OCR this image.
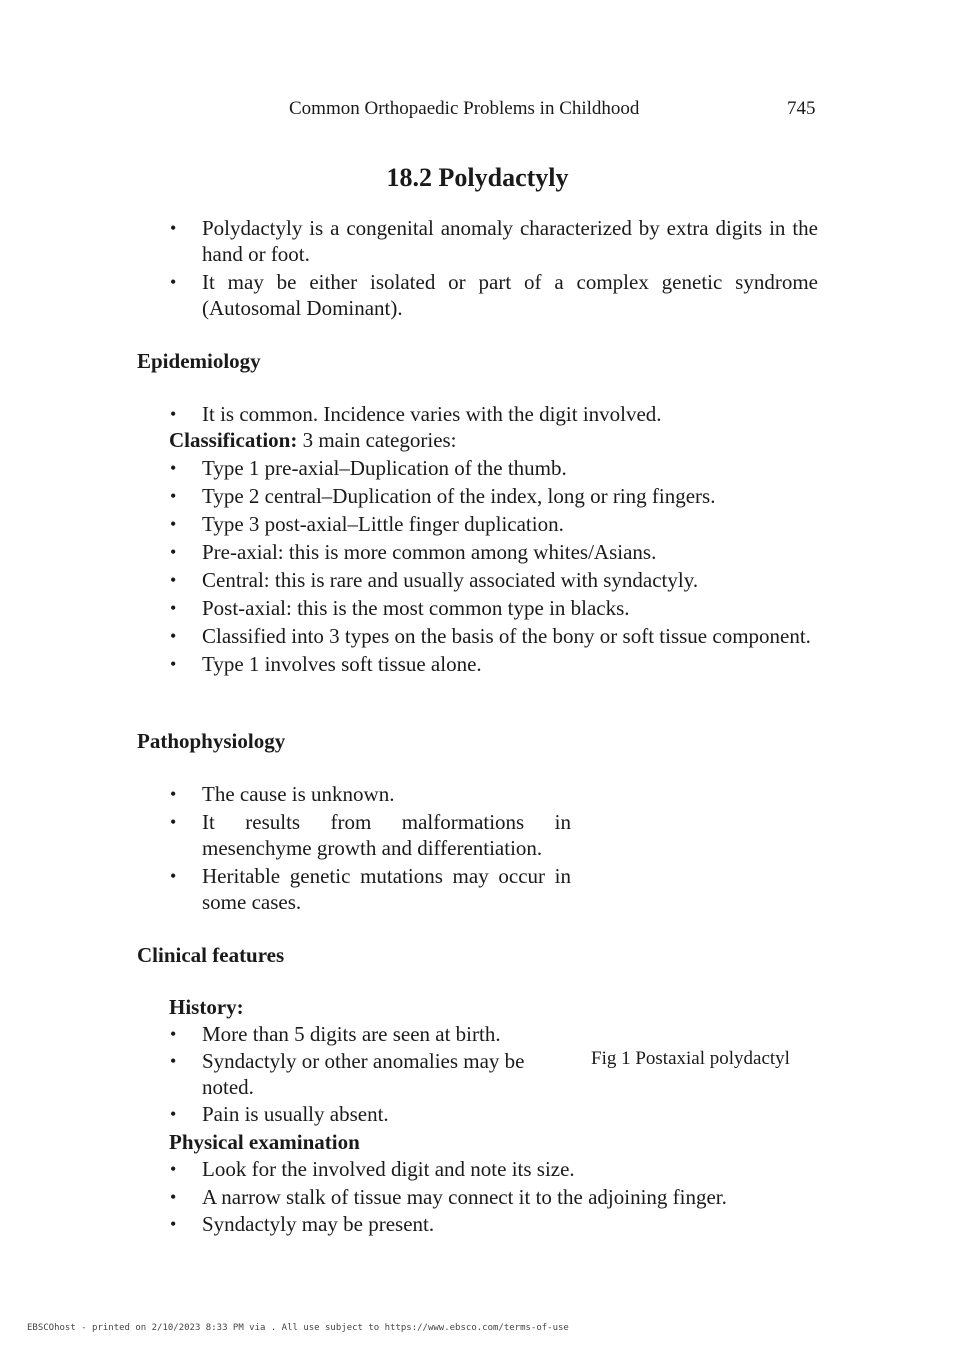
Common Orthopaedic Problems in Childhood	745
18.2 Polydactyly
• Polydactyly is a congenital anomaly characterized by extra digits in the hand or foot.
• It may be either isolated or part of a complex genetic syndrome (Autosomal Dominant).
Epidemiology
• It is common. Incidence varies with the digit involved.
Classification: 3 main categories:
• Type 1 pre-axial–Duplication of the thumb.
• Type 2 central–Duplication of the index, long or ring fingers.
• Type 3 post-axial–Little finger duplication.
• Pre-axial: this is more common among whites/Asians.
• Central: this is rare and usually associated with syndactyly.
• Post-axial: this is the most common type in blacks.
• Classified into 3 types on the basis of the bony or soft tissue component.
• Type 1 involves soft tissue alone.
Pathophysiology
• The cause is unknown.
• It results from malformations in mesenchyme growth and differentiation.
• Heritable genetic mutations may occur in some cases.
Clinical features
History:
• More than 5 digits are seen at birth.
• Syndactyly or other anomalies may be noted.
• Pain is usually absent.
Fig 1 Postaxial polydactyl
Physical examination
• Look for the involved digit and note its size.
• A narrow stalk of tissue may connect it to the adjoining finger.
• Syndactyly may be present.
EBSCOhost - printed on 2/10/2023 8:33 PM via . All use subject to https://www.ebsco.com/terms-of-use
